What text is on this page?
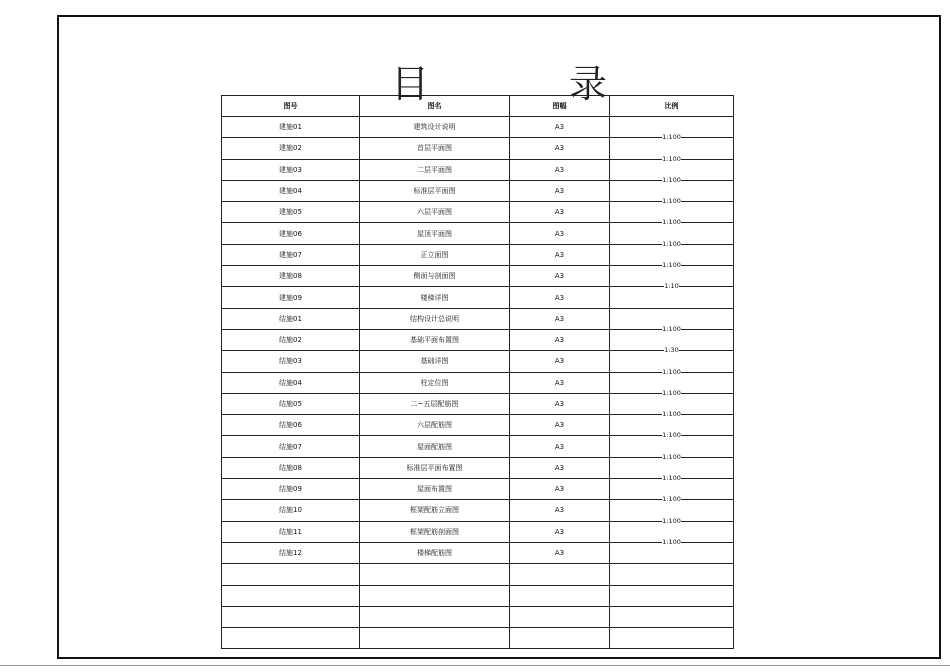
目	录
图号	图名	图幅	比例
建施01	建筑设计说明	A3	
建施02	首层平面图	A3	1:100
建施03	二层平面图	A3	1:100
建施04	标准层平面图	A3	1:100
建施05	六层平面图	A3	1:100
建施06	屋顶平面图	A3	1:100
建施07	正立面图	A3	1:100
建施08	侧面与剖面图	A3	1:100
建施09	楼梯详图	A3	1:10
结施01	结构设计总说明	A3	
结施02	基础平面布置图	A3	1:100
结施03	基础详图	A3	1:30
结施04	柱定位图	A3	1:100
结施05	二~五层配筋图	A3	1:100
结施06	六层配筋图	A3	1:100
结施07	屋面配筋图	A3	1:100
结施08	标准层平面布置图	A3	1:100
结施09	屋面布置图	A3	1:100
结施10	框架配筋立面图	A3	1:100
结施11	框架配筋剖面图	A3	1:100
结施12	楼梯配筋图	A3	1:100
